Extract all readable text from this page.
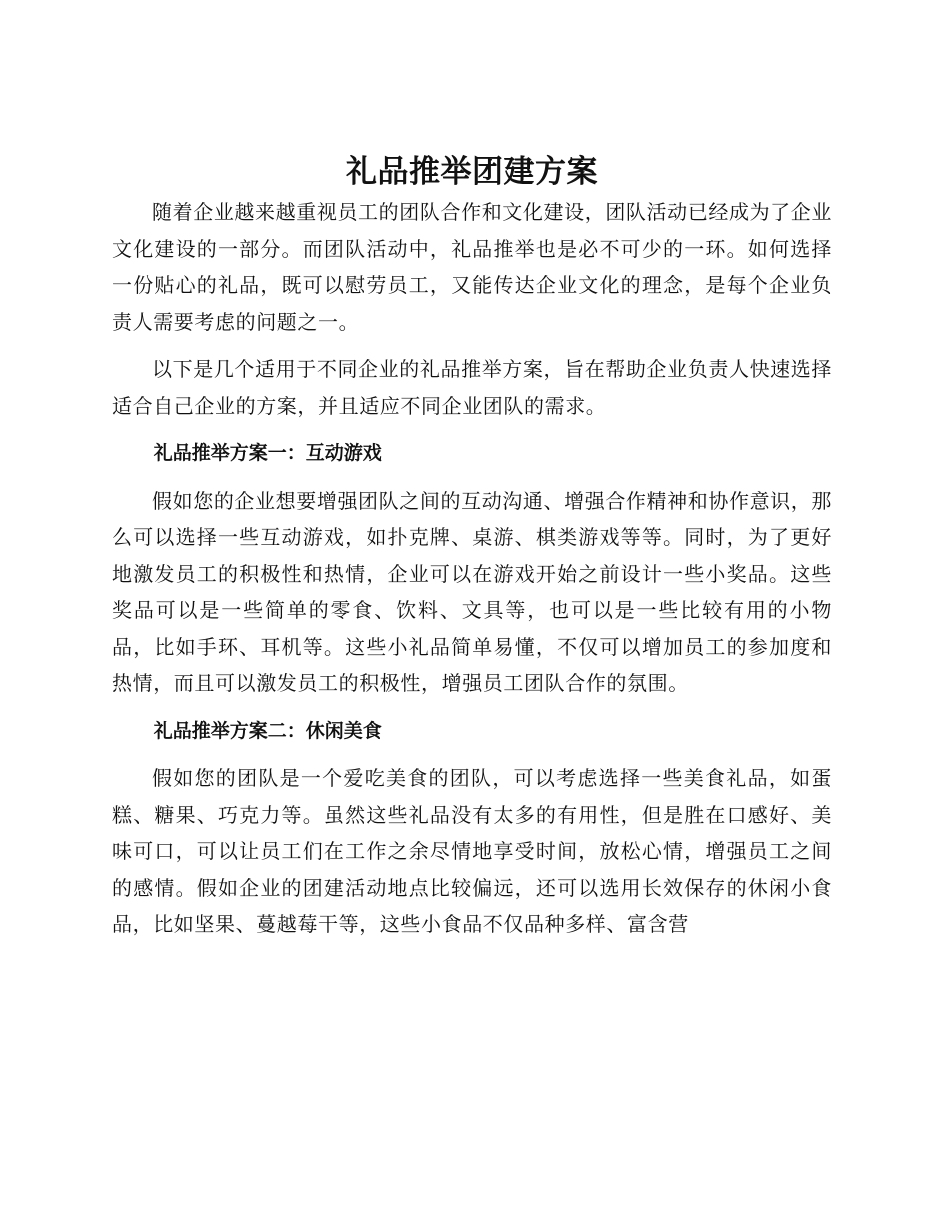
礼品推举团建方案

随着企业越来越重视员工的团队合作和文化建设，团队活动已经成为了企业文化建设的一部分。而团队活动中，礼品推举也是必不可少的一环。如何选择一份贴心的礼品，既可以慰劳员工，又能传达企业文化的理念，是每个企业负责人需要考虑的问题之一。

以下是几个适用于不同企业的礼品推举方案，旨在帮助企业负责人快速选择适合自己企业的方案，并且适应不同企业团队的需求。

礼品推举方案一：互动游戏

假如您的企业想要增强团队之间的互动沟通、增强合作精神和协作意识，那么可以选择一些互动游戏，如扑克牌、桌游、棋类游戏等等。同时，为了更好地激发员工的积极性和热情，企业可以在游戏开始之前设计一些小奖品。这些奖品可以是一些简单的零食、饮料、文具等，也可以是一些比较有用的小物品，比如手环、耳机等。这些小礼品简单易懂，不仅可以增加员工的参加度和热情，而且可以激发员工的积极性，增强员工团队合作的氛围。

礼品推举方案二：休闲美食

假如您的团队是一个爱吃美食的团队，可以考虑选择一些美食礼品，如蛋糕、糖果、巧克力等。虽然这些礼品没有太多的有用性，但是胜在口感好、美味可口，可以让员工们在工作之余尽情地享受时间，放松心情，增强员工之间的感情。假如企业的团建活动地点比较偏远，还可以选用长效保存的休闲小食品，比如坚果、蔓越莓干等，这些小食品不仅品种多样、富含营
